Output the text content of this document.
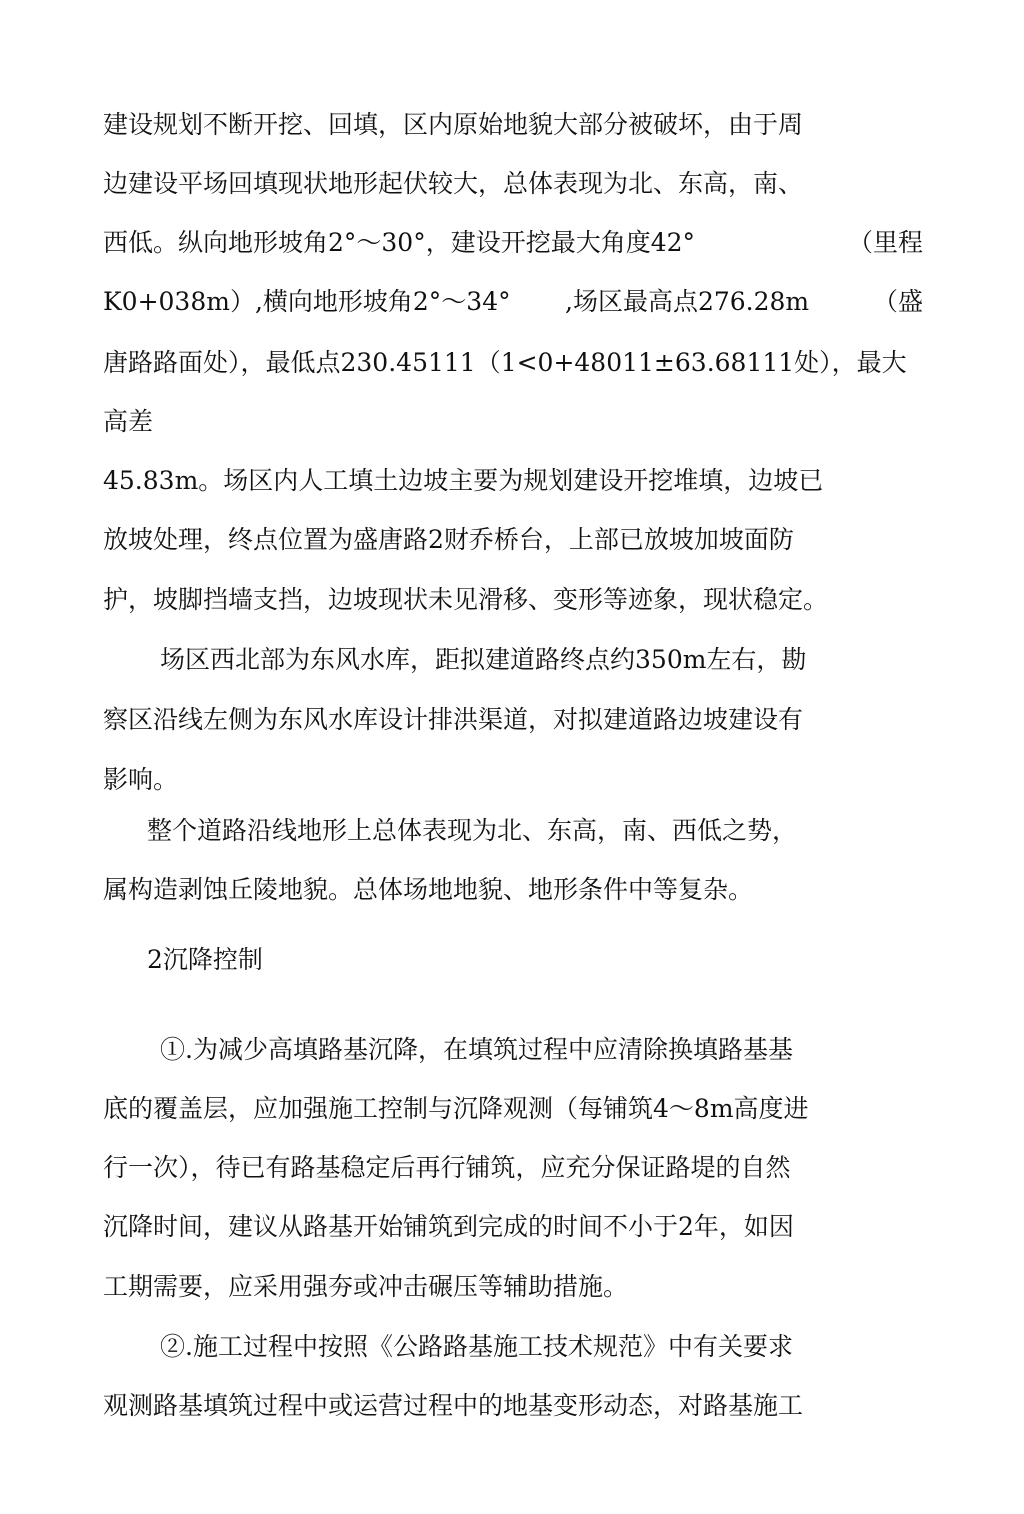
建设规划不断开挖、回填，区内原始地貌大部分被破坏，由于周
边建设平场回填现状地形起伏较大，总体表现为北、东高，南、
西低。纵向地形坡角2°～30°，建设开挖最大角度42°	（里程
K0+038m）,横向地形坡角2°～34° ,场区最高点276.28m	（盛
唐路路面处），最低点230.45111（1<0+48011±63.68111处），最大
高差
45.83m。场区内人工填土边坡主要为规划建设开挖堆填，边坡已
放坡处理，终点位置为盛唐路2财乔桥台，上部已放坡加坡面防
护，坡脚挡墙支挡，边坡现状未见滑移、变形等迹象，现状稳定。
场区西北部为东风水库，距拟建道路终点约350m左右，勘
察区沿线左侧为东风水库设计排洪渠道，对拟建道路边坡建设有
影响。
整个道路沿线地形上总体表现为北、东高，南、西低之势，
属构造剥蚀丘陵地貌。总体场地地貌、地形条件中等复杂。
2沉降控制
①.为减少高填路基沉降，在填筑过程中应清除换填路基基
底的覆盖层，应加强施工控制与沉降观测（每铺筑4～8m高度进
行一次），待已有路基稳定后再行铺筑，应充分保证路堤的自然
沉降时间，建议从路基开始铺筑到完成的时间不小于2年，如因
工期需要，应采用强夯或冲击碾压等辅助措施。
②.施工过程中按照《公路路基施工技术规范》中有关要求
观测路基填筑过程中或运营过程中的地基变形动态，对路基施工
